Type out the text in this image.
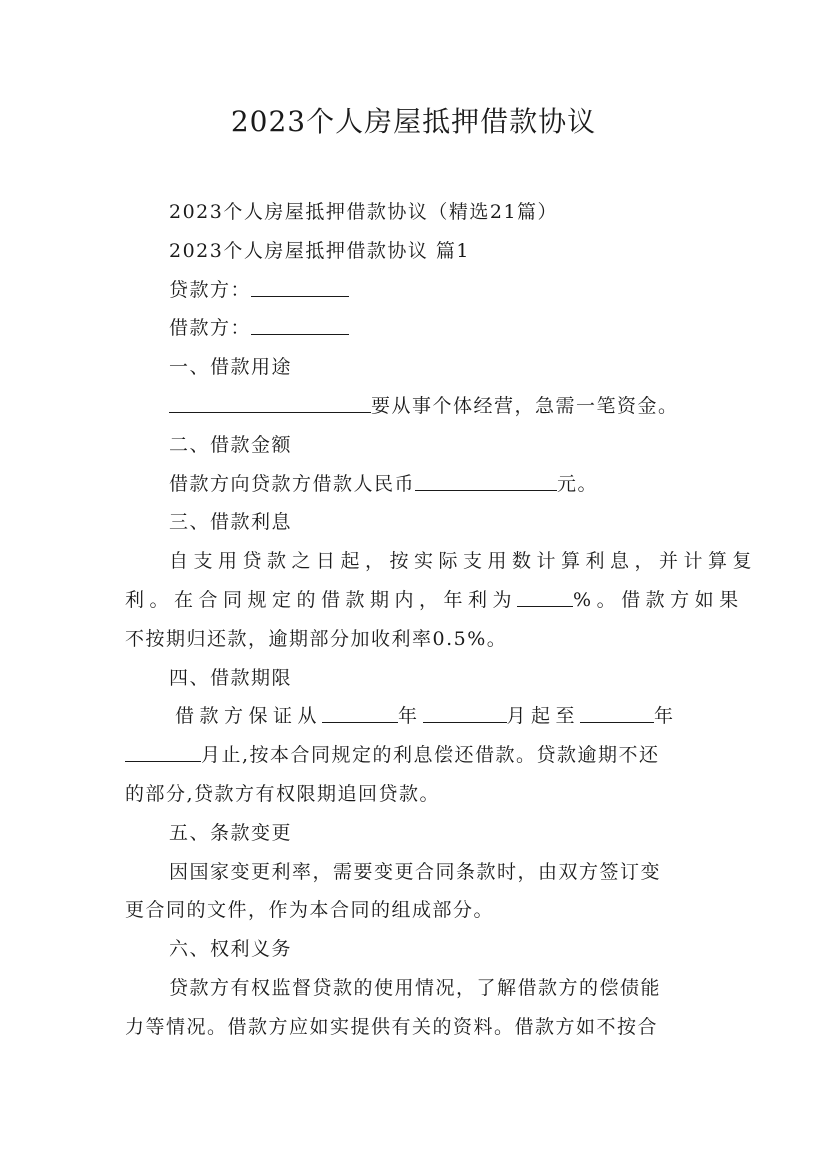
2023个人房屋抵押借款协议
2023个人房屋抵押借款协议（精选21篇）
2023个人房屋抵押借款协议 篇1
贷款方：
借款方：
一、借款用途
要从事个体经营，急需一笔资金。
二、借款金额
借款方向贷款方借款人民币	元。
三、借款利息
自支用贷款之日起，按实际支用数计算利息，并计算复
利。在合同规定的借款期内，年利为	%。借款方如果
不按期归还款，逾期部分加收利率0.5%。
四、借款期限
借款方保证从	年	月起至	年
月止,按本合同规定的利息偿还借款。贷款逾期不还
的部分,贷款方有权限期追回贷款。
五、条款变更
因国家变更利率，需要变更合同条款时，由双方签订变
更合同的文件，作为本合同的组成部分。
六、权利义务
贷款方有权监督贷款的使用情况，了解借款方的偿债能
力等情况。借款方应如实提供有关的资料。借款方如不按合
